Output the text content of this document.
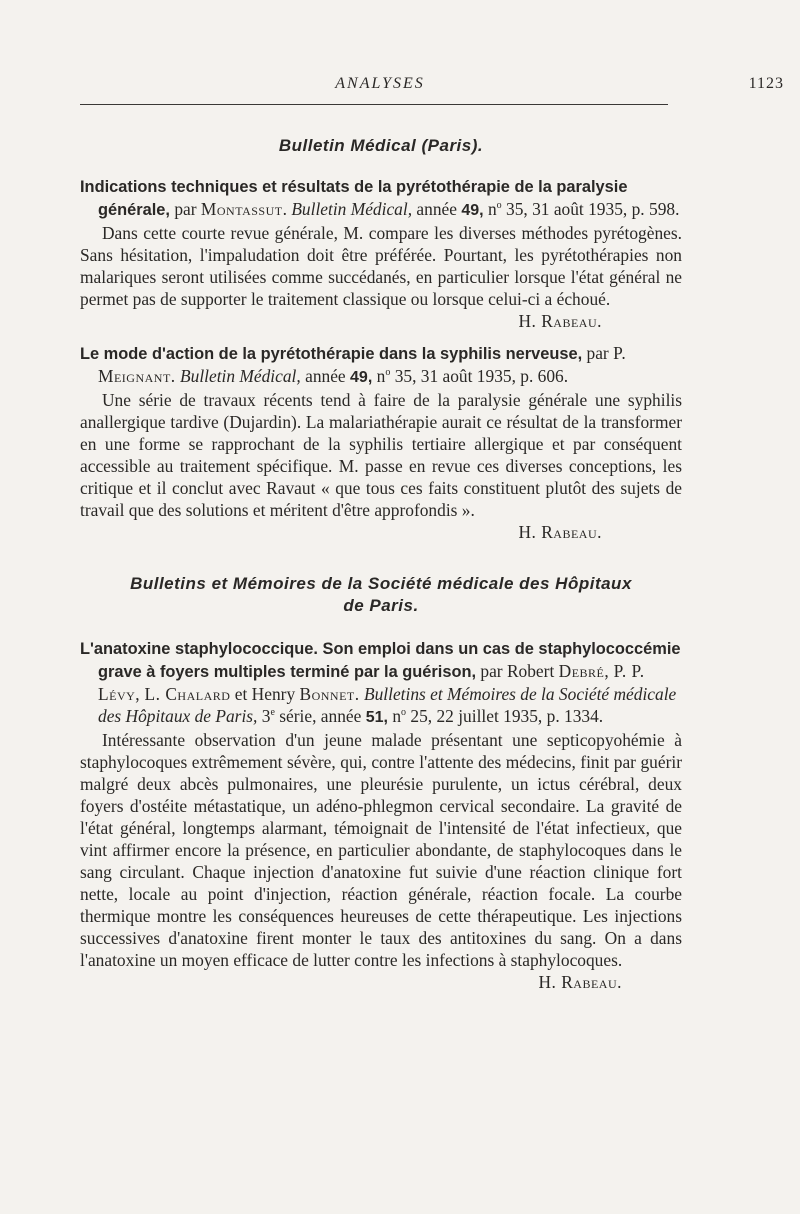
ANALYSES	1123
Bulletin Médical (Paris).

Indications techniques et résultats de la pyrétothérapie de la paralysie générale, par Montassut. Bulletin Médical, année 49, $n^o$ 35, 31 août 1935, p. 598.

Dans cette courte revue générale, M. compare les diverses méthodes pyrétogènes. Sans hésitation, l'impaludation doit être préférée. Pourtant, les pyrétothérapies non malariques seront utilisées comme succédanés, en particulier lorsque l'état général ne permet pas de supporter le traitement classique ou lorsque celui-ci a échoué.

H. Rabeau.

Le mode d'action de la pyrétothérapie dans la syphilis nerveuse, par P. Meignant. Bulletin Médical, année 49, $n^o$ 35, 31 août 1935, p. 606.

Une série de travaux récents tend à faire de la paralysie générale une syphilis anallergique tardive (Dujardin). La malariathérapie aurait ce résultat de la transformer en une forme se rapprochant de la syphilis tertiaire allergique et par conséquent accessible au traitement spécifique. M. passe en revue ces diverses conceptions, les critique et il conclut avec Ravaut « que tous ces faits constituent plutôt des sujets de travail que des solutions et méritent d'être approfondis ».

H. Rabeau.

Bulletins et Mémoires de la Société médicale des Hôpitaux
de Paris.

L'anatoxine staphylococcique. Son emploi dans un cas de staphylococcémie grave à foyers multiples terminé par la guérison, par Robert Debré, P. P. Lévy, L. Chalard et Henry Bonnet. Bulletins et Mémoires de la Société médicale des Hôpitaux de Paris, 3e série, année 51, $n^o$ 25, 22 juillet 1935, p. 1334.

Intéressante observation d'un jeune malade présentant une septicopyohémie à staphylocoques extrêmement sévère, qui, contre l'attente des médecins, finit par guérir malgré deux abcès pulmonaires, une pleurésie purulente, un ictus cérébral, deux foyers d'ostéite métastatique, un adéno-phlegmon cervical secondaire. La gravité de l'état général, longtemps alarmant, témoignait de l'intensité de l'état infectieux, que vint affirmer encore la présence, en particulier abondante, de staphylocoques dans le sang circulant. Chaque injection d'anatoxine fut suivie d'une réaction clinique fort nette, locale au point d'injection, réaction générale, réaction focale. La courbe thermique montre les conséquences heureuses de cette thérapeutique. Les injections successives d'anatoxine firent monter le taux des antitoxines du sang. On a dans l'anatoxine un moyen efficace de lutter contre les infections à staphylocoques.
H. Rabeau.
